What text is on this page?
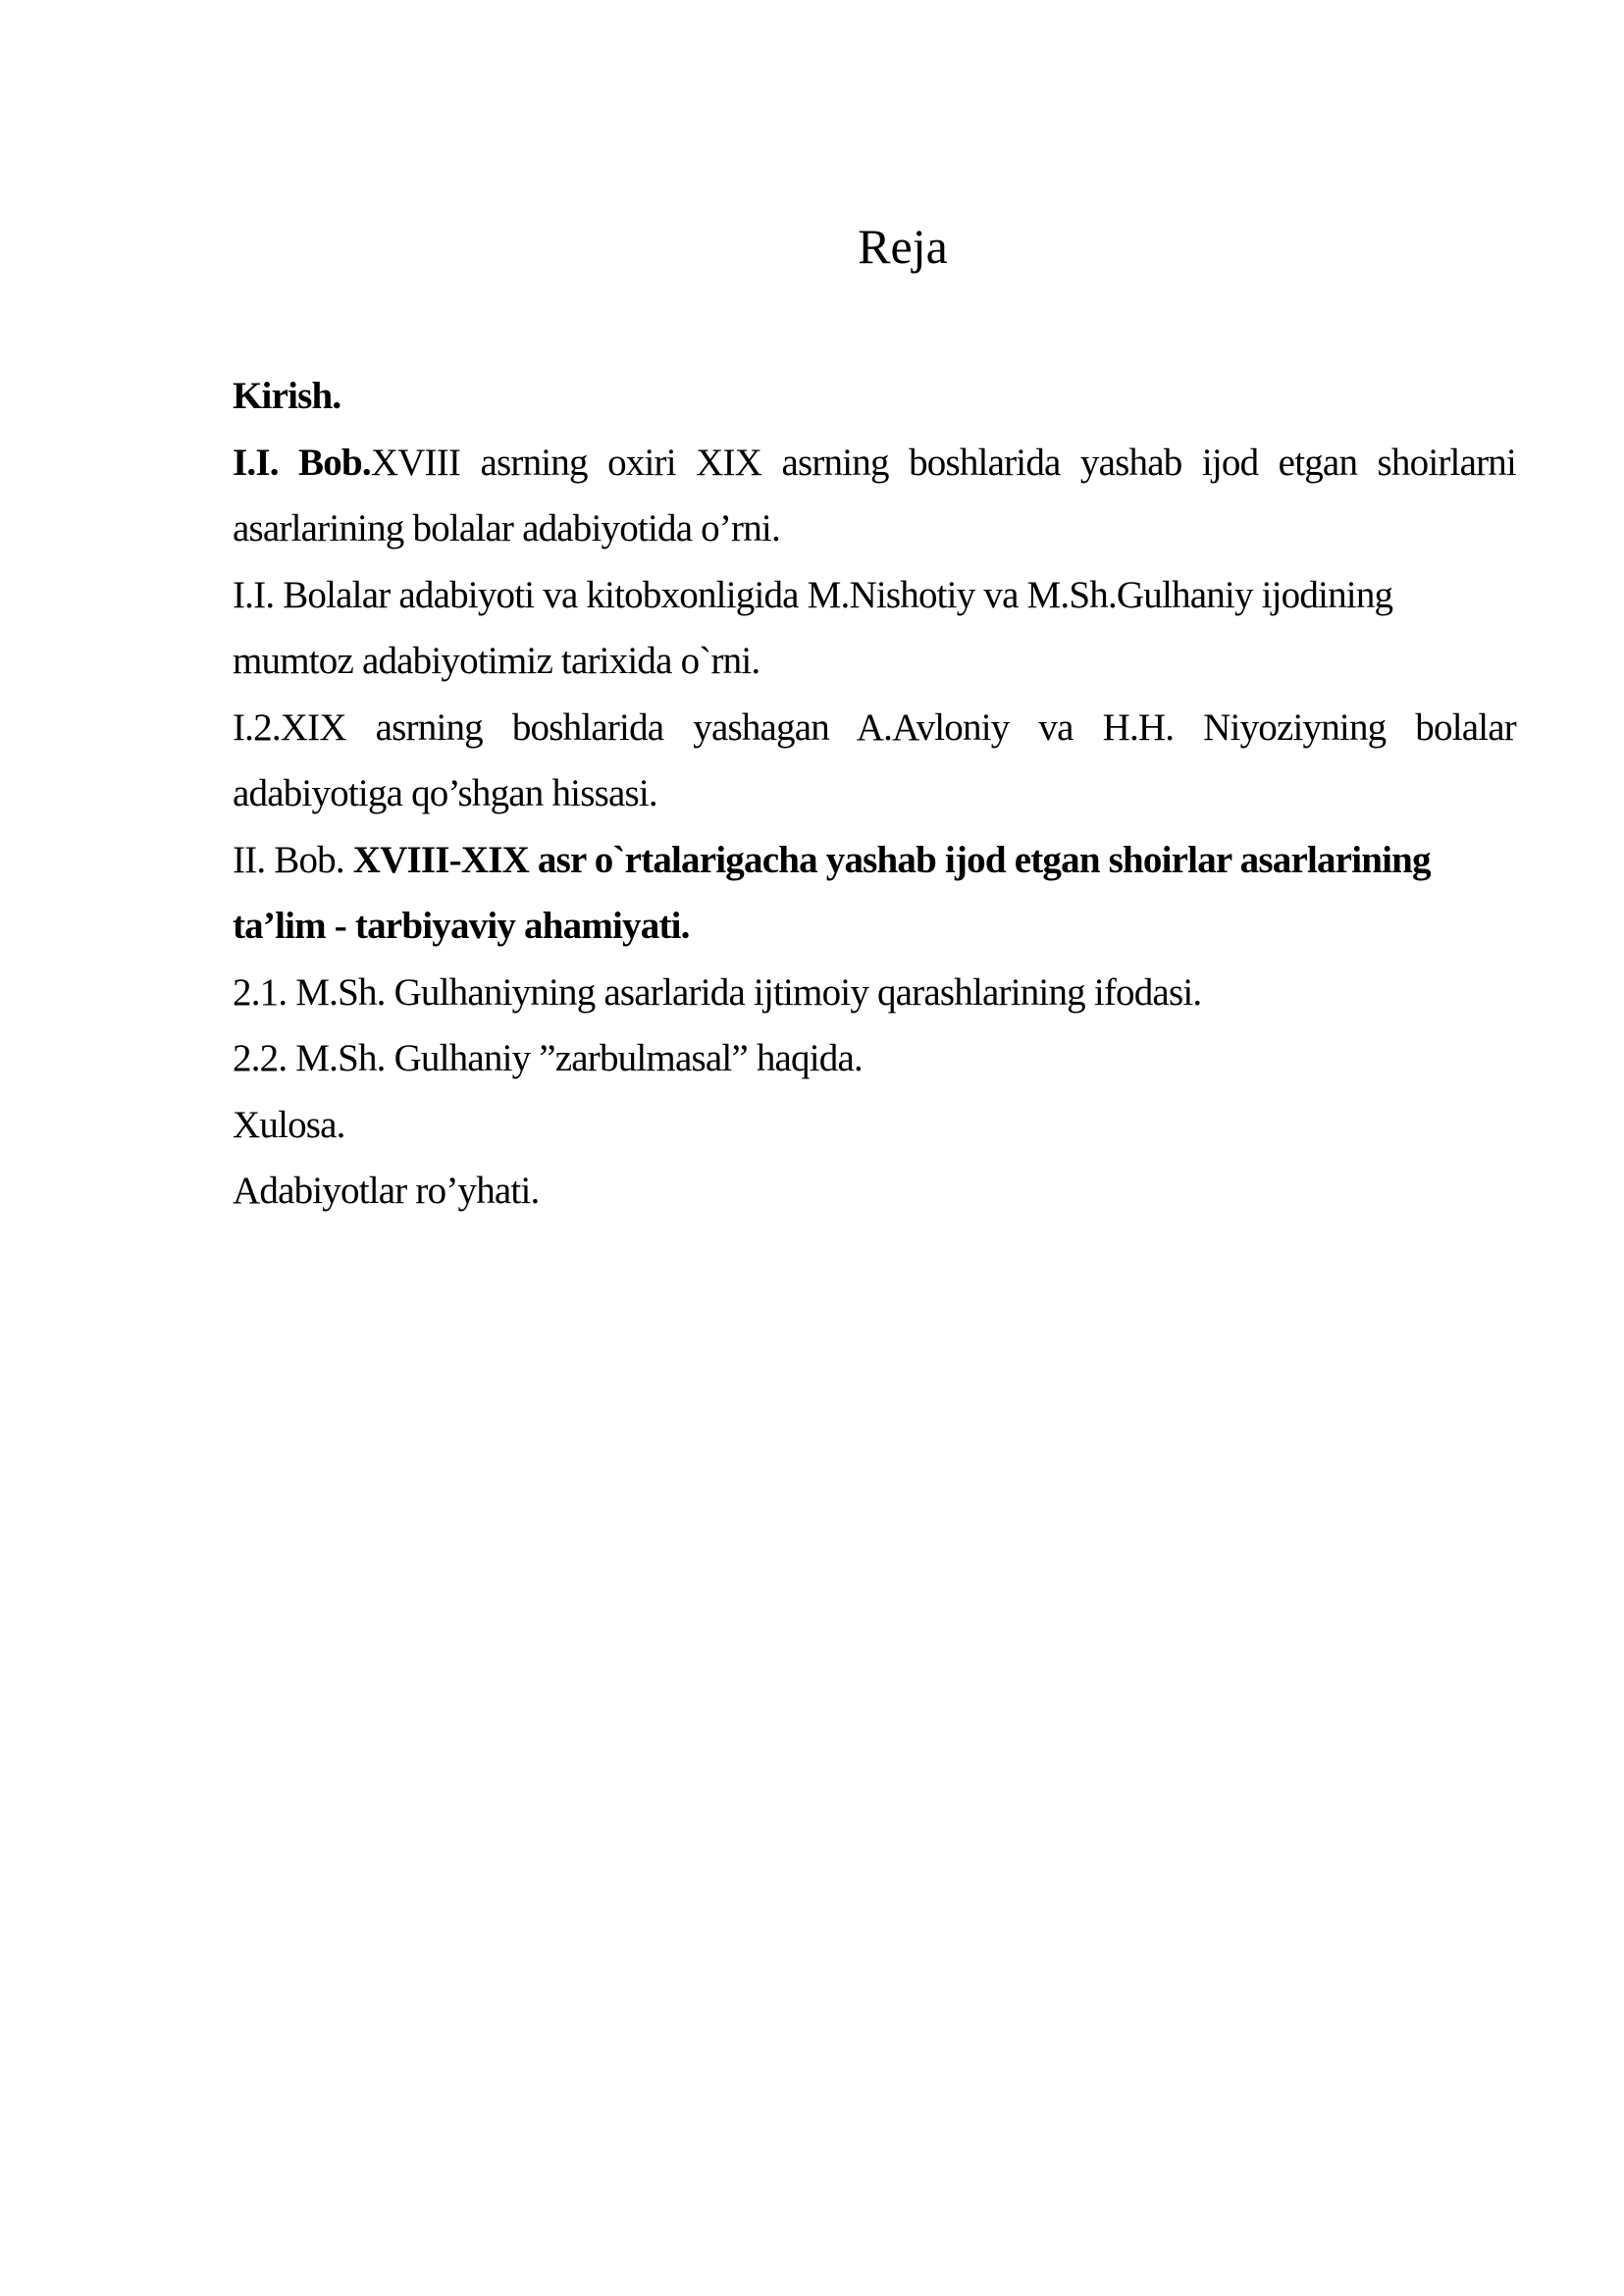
Reja
Kirish.
I.I. Bob.XVIII asrning oxiri XIX asrning boshlarida yashab ijod etgan shoirlarni
asarlarining bolalar adabiyotida o’rni.
I.I. Bolalar adabiyoti va kitobxonligida M.Nishotiy va M.Sh.Gulhaniy ijodining
mumtoz adabiyotimiz tarixida o`rni.
I.2.XIX asrning boshlarida yashagan A.Avloniy va H.H. Niyoziyning bolalar
adabiyotiga qo’shgan hissasi.
II. Bob. XVIII-XIX asr o`rtalarigacha yashab ijod etgan shoirlar asarlarining
ta’lim - tarbiyaviy ahamiyati.
2.1. M.Sh. Gulhaniyning asarlarida ijtimoiy qarashlarining ifodasi.
2.2. M.Sh. Gulhaniy ”zarbulmasal” haqida.
Xulosa.
Adabiyotlar ro’yhati.
